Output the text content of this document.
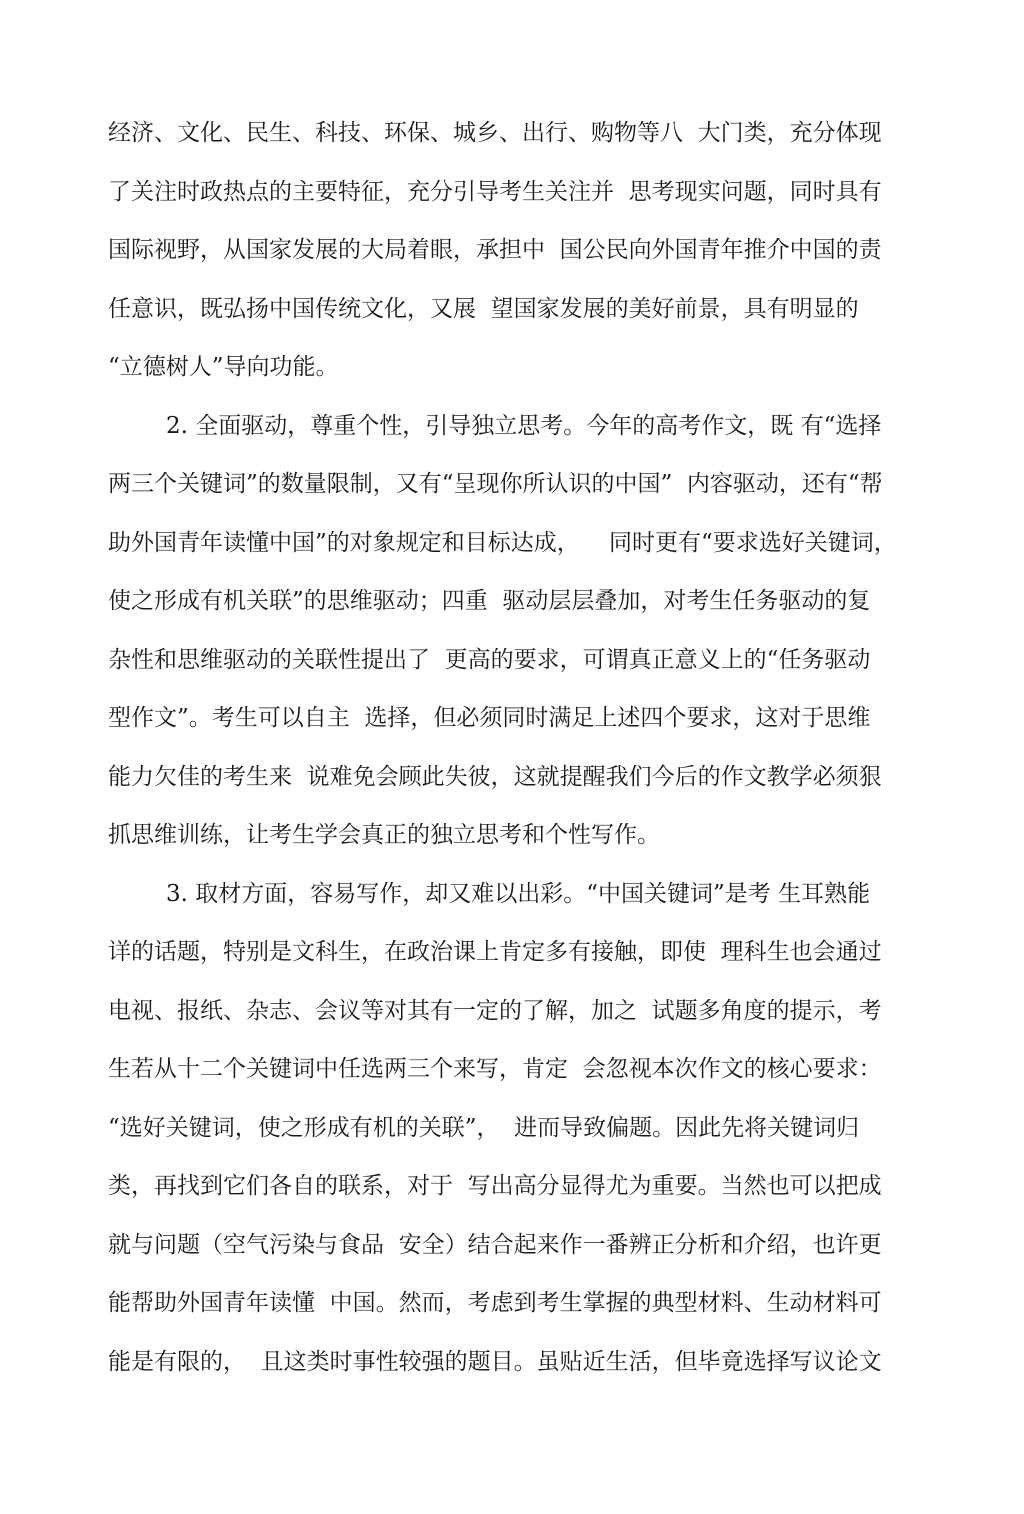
经济、文化、民生、科技、环保、城乡、出行、购物等八  大门类，充分体现
了关注时政热点的主要特征，充分引导考生关注并  思考现实问题，同时具有
国际视野，从国家发展的大局着眼，承担中  国公民向外国青年推介中国的责
任意识，既弘扬中国传统文化，又展  望国家发展的美好前景，具有明显的
“立德树人”导向功能。
2. 全面驱动，尊重个性，引导独立思考。今年的高考作文，既 有“选择
两三个关键词”的数量限制，又有“呈现你所认识的中国”  内容驱动，还有“帮
助外国青年读懂中国”的对象规定和目标达成，    同时更有“要求选好关键词，
使之形成有机关联”的思维驱动；四重  驱动层层叠加，对考生任务驱动的复
杂性和思维驱动的关联性提出了  更高的要求，可谓真正意义上的“任务驱动
型作文”。考生可以自主  选择，但必须同时满足上述四个要求，这对于思维
能力欠佳的考生来  说难免会顾此失彼，这就提醒我们今后的作文教学必须狠
抓思维训练，让考生学会真正的独立思考和个性写作。
3. 取材方面，容易写作，却又难以出彩。“中国关键词”是考 生耳熟能
详的话题，特别是文科生，在政治课上肯定多有接触，即使  理科生也会通过
电视、报纸、杂志、会议等对其有一定的了解，加之  试题多角度的提示，考
生若从十二个关键词中任选两三个来写，肯定  会忽视本次作文的核心要求：
“选好关键词，使之形成有机的关联”，  进而导致偏题。因此先将关键词归
类，再找到它们各自的联系，对于  写出高分显得尤为重要。当然也可以把成
就与问题（空气污染与食品  安全）结合起来作一番辨正分析和介绍，也许更
能帮助外国青年读懂  中国。然而，考虑到考生掌握的典型材料、生动材料可
能是有限的，  且这类时事性较强的题目。虽贴近生活，但毕竟选择写议论文
